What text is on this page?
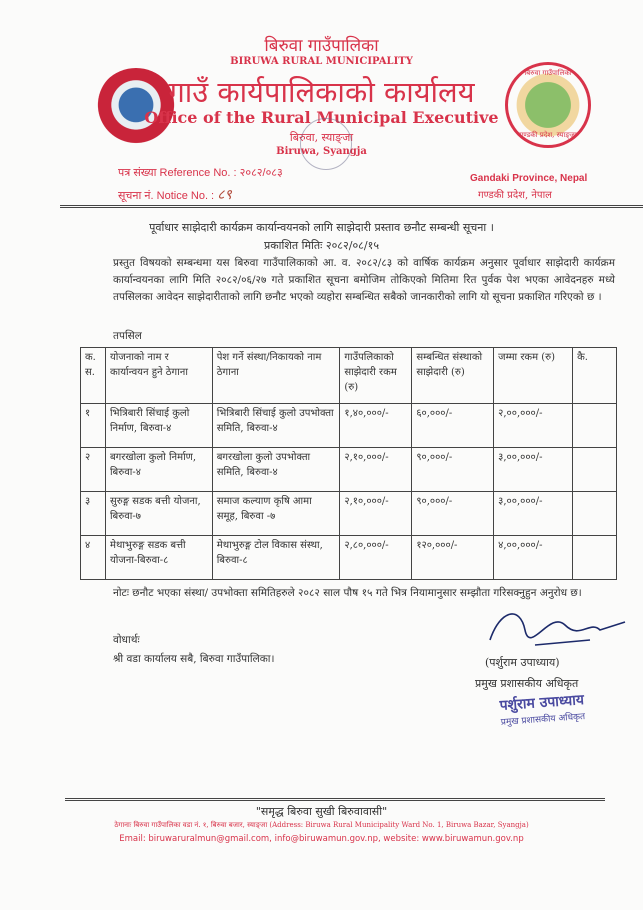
बिरुवा गाउँपालिका
गण्डकी प्रदेश, स्याङ्जा
बिरुवा गाउँपालिका
BIRUWA RURAL MUNICIPALITY
गाउँ कार्यपालिकाको कार्यालय
Office of the Rural Municipal Executive
बिरुवा, स्याङ्जा
Biruwa, Syangja
पत्र संख्या Reference No. : २०८२/०८३
सूचना नं. Notice No. : ८९
Gandaki Province, Nepal
गण्डकी प्रदेश, नेपाल
पूर्वाधार साझेदारी कार्यक्रम कार्यान्वयनको लागि साझेदारी प्रस्ताव छनौट सम्बन्धी सूचना ।
प्रकाशित मितिः २०८२/०८/१५
प्रस्तुत विषयको सम्बन्धमा यस बिरुवा गाउँपालिकाको आ. व. २०८२/८३ को वार्षिक कार्यक्रम अनुसार पूर्वाधार साझेदारी कार्यक्रम कार्यान्वयनका लागि मिति २०८२/०६/२७ गते प्रकाशित सूचना बमोजिम तोकिएको मितिमा रित पुर्वक पेश भएका आवेदनहरु मध्ये तपसिलका आवेदन साझेदारीताको लागि छनौट भएको व्यहोरा सम्बन्धित सबैको जानकारीको लागि यो सूचना प्रकाशित गरिएको छ ।
तपसिल
क. स.	योजनाको नाम र कार्यान्वयन हुने ठेगाना	पेश गर्ने संस्था/निकायको नाम ठेगाना	गाउँपलिकाको साझेदारी रकम (रु)	सम्बन्धित संस्थाको साझेदारी (रु)	जम्मा रकम (रु)	कै.
१	भित्रिबारी सिंचाई कुलो निर्माण, बिरुवा-४	भित्रिबारी सिंचाई कुलो उपभोक्ता समिति, बिरुवा-४	१,४०,०००/-	६०,०००/-	२,००,०००/-	
२	बगरखोला कुलो निर्माण, बिरुवा-४	बगरखोला कुलो उपभोक्ता समिति, बिरुवा-४	२,१०,०००/-	९०,०००/-	३,००,०००/-	
३	सुरुङ्ग सडक बत्ती योजना, बिरुवा-७	समाज कल्याण कृषि आमा समूह, बिरुवा -७	२,१०,०००/-	९०,०००/-	३,००,०००/-	
४	मेथाभुरुङ्ग सडक बत्ती योजना-बिरुवा-८	मेथाभुरुङ्ग टोल विकास संस्था, बिरुवा-८	२,८०,०००/-	१२०,०००/-	४,००,०००/-	
नोटः छनौट भएका संस्था/ उपभोक्ता समितिहरुले २०८२ साल पौष १५ गते भित्र नियामानुसार सम्झौता गरिसक्नुहुन अनुरोध छ।
वोधार्थः
श्री वडा कार्यालय सबै, बिरुवा गाउँपालिका।	(पर्शुराम उपाध्याय)
प्रमुख प्रशासकीय अधिकृत
पर्शुराम उपाध्याय
प्रमुख प्रशासकीय अधिकृत
"समृद्ध बिरुवा सुखी बिरुवावासी"
ठेगानाः बिरुवा गाउँपालिका वडा नं. १, बिरुवा बजार, स्याङ्जा (Address: Biruwa Rural Municipality Ward No. 1, Biruwa Bazar, Syangja)
Email: biruwaruralmun@gmail.com, info@biruwamun.gov.np, website: www.biruwamun.gov.np
